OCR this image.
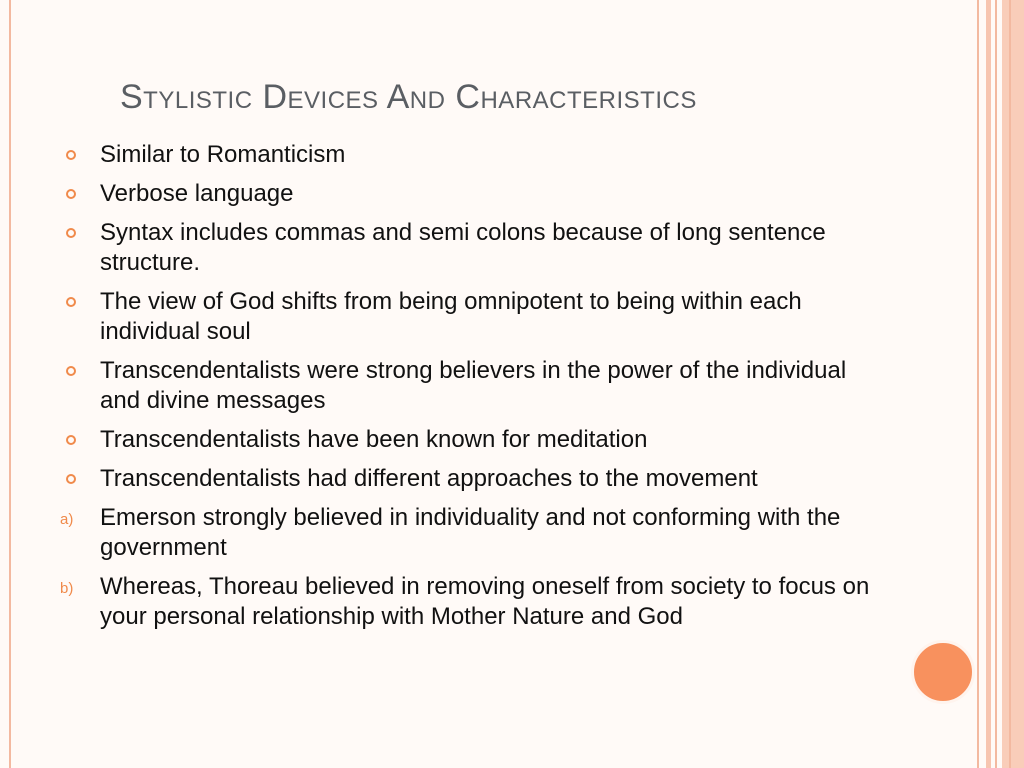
Stylistic Devices And Characteristics
Similar to Romanticism
Verbose language
Syntax includes commas and semi colons because of long sentence structure.
The view of God shifts from being omnipotent to being within each individual soul
Transcendentalists were strong believers in the power of the individual and divine messages
Transcendentalists have been known for meditation
Transcendentalists had different approaches to the movement
a) Emerson strongly believed in individuality and not conforming with the government
b) Whereas, Thoreau believed in removing oneself from society to focus on your personal relationship with Mother Nature and God
